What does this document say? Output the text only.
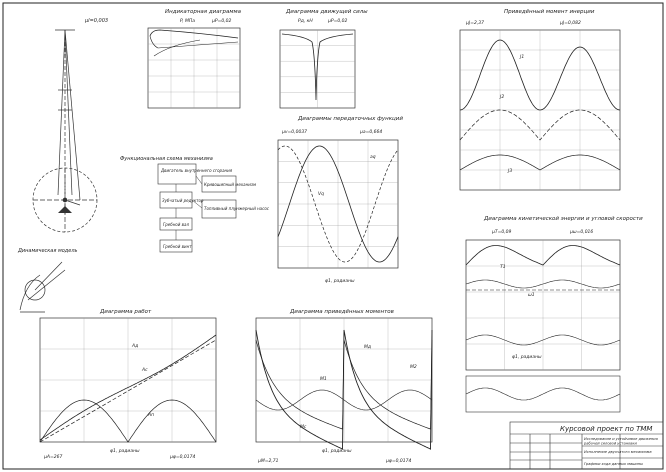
μl=0,003
Динамическая модель
Индикаторная диаграмма
P, МПа	μP=0,02
Диаграмма движущей силы
Pд, кН	μP=0,02
Функциональная схема механизма
Двигатель внутреннего сгорания
Кривошипный механизм
Зубчатый редуктор
Топливный плунжерный насос
Гребной вал
Гребной винт
Диаграммы передаточных функций
μv=0,0037	μa=0,664
Vq
aq
φ1, радианы
Приведённый момент инерции
μJ=2,37	μJ=0,082
J1
J2
J3
Диаграмма кинетической энергии и угловой скорости
μT=0,09	μω=0,016
T1
ω1
φ1, радианы
Диаграмма работ
Aд
Aс
Aп
μA=267
φ1, радианы
μφ=0,0174
Диаграмма приведённых моментов
Mд
M1
M2
Mс
μM=2,71
φ1, радианы
μφ=0,0174
Курсовой проект по ТММ
Исследование и устойчивое движения
рабочей силовой установки
Исполнение двухчатого механизма
Графики хода данных машины
